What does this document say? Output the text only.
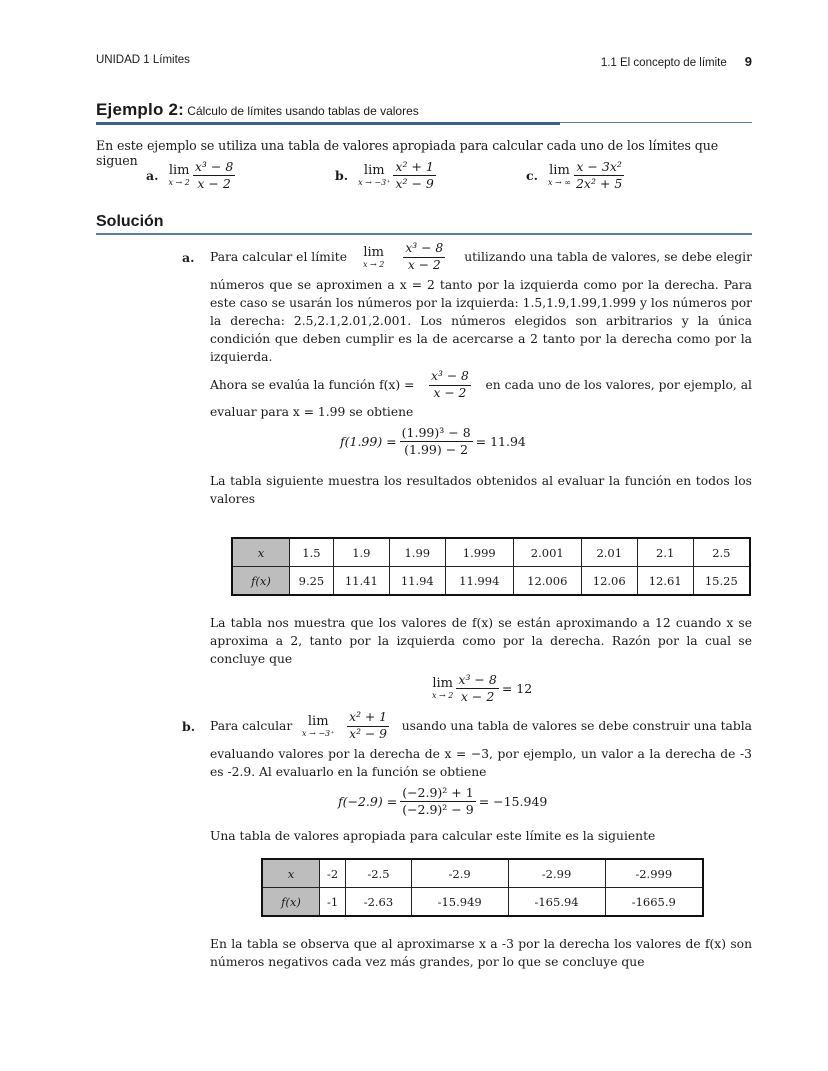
UNIDAD 1 Límites	1.1 El concepto de límite 9
Ejemplo 2: Cálculo de límites usando tablas de valores
En este ejemplo se utiliza una tabla de valores apropiada para calcular cada uno de los límites que siguen
a. lim
$x \to 2 \frac{\text{x³ − 8}}{x - 2}$	b. lim
$x \to -3^+ \frac{\text{x² + 1}}{\text{x² − 9}}$	c. lim
x → ∞ $\frac{\text{x − 3x²}}{\text{2x² + 5}}$
Solución
a. Para calcular el límite lim
$x \to 2 \frac{\text{x³ − 8}}{x - 2}$ utilizando una tabla de valores, se debe elegir
números que se aproximen a x = 2 tanto por la izquierda como por la derecha. Para este caso se usarán los números por la izquierda: 1.5,1.9,1.99,1.999 y los números por la derecha: 2.5,2.1,2.01,2.001. Los números elegidos son arbitrarios y la única condición que deben cumplir es la de acercarse a 2 tanto por la derecha como por la izquierda.
Ahora se evalúa la función $f(x) = \frac{\text{x³ − 8}}{x - 2}$ en cada uno de los valores, por ejemplo, al
evaluar para x = 1.99 se obtiene
$f(1.99) = \frac{\text{(1.99)³ − 8}}{(1.99) - 2} = 11.94$
La tabla siguiente muestra los resultados obtenidos al evaluar la función en todos los valores
x	1.5	1.9	1.99	1.999	2.001	2.01	2.1	2.5
f(x)	9.25	11.41	11.94	11.994	12.006	12.06	12.61	15.25
La tabla nos muestra que los valores de f(x) se están aproximando a 12 cuando x se aproxima a 2, tanto por la izquierda como por la derecha. Razón por la cual se concluye que
lim
$x \to 2 \frac{\text{x³ − 8}}{x - 2} = 12$
b. Para calcular lim
$x \to -3^+ \frac{\text{x² + 1}}{\text{x² − 9}}$ usando una tabla de valores se debe construir una tabla
evaluando valores por la derecha de x = −3, por ejemplo, un valor a la derecha de -3 es -2.9. Al evaluarlo en la función se obtiene
$f(-2.9) = \frac{\text{(−2.9)² + 1}}{\text{(−2.9)² − 9}} = -15.949$
Una tabla de valores apropiada para calcular este límite es la siguiente
x	-2	-2.5	-2.9	-2.99	-2.999
f(x)	-1	-2.63	-15.949	-165.94	-1665.9
En la tabla se observa que al aproximarse x a -3 por la derecha los valores de f(x) son números negativos cada vez más grandes, por lo que se concluye que
